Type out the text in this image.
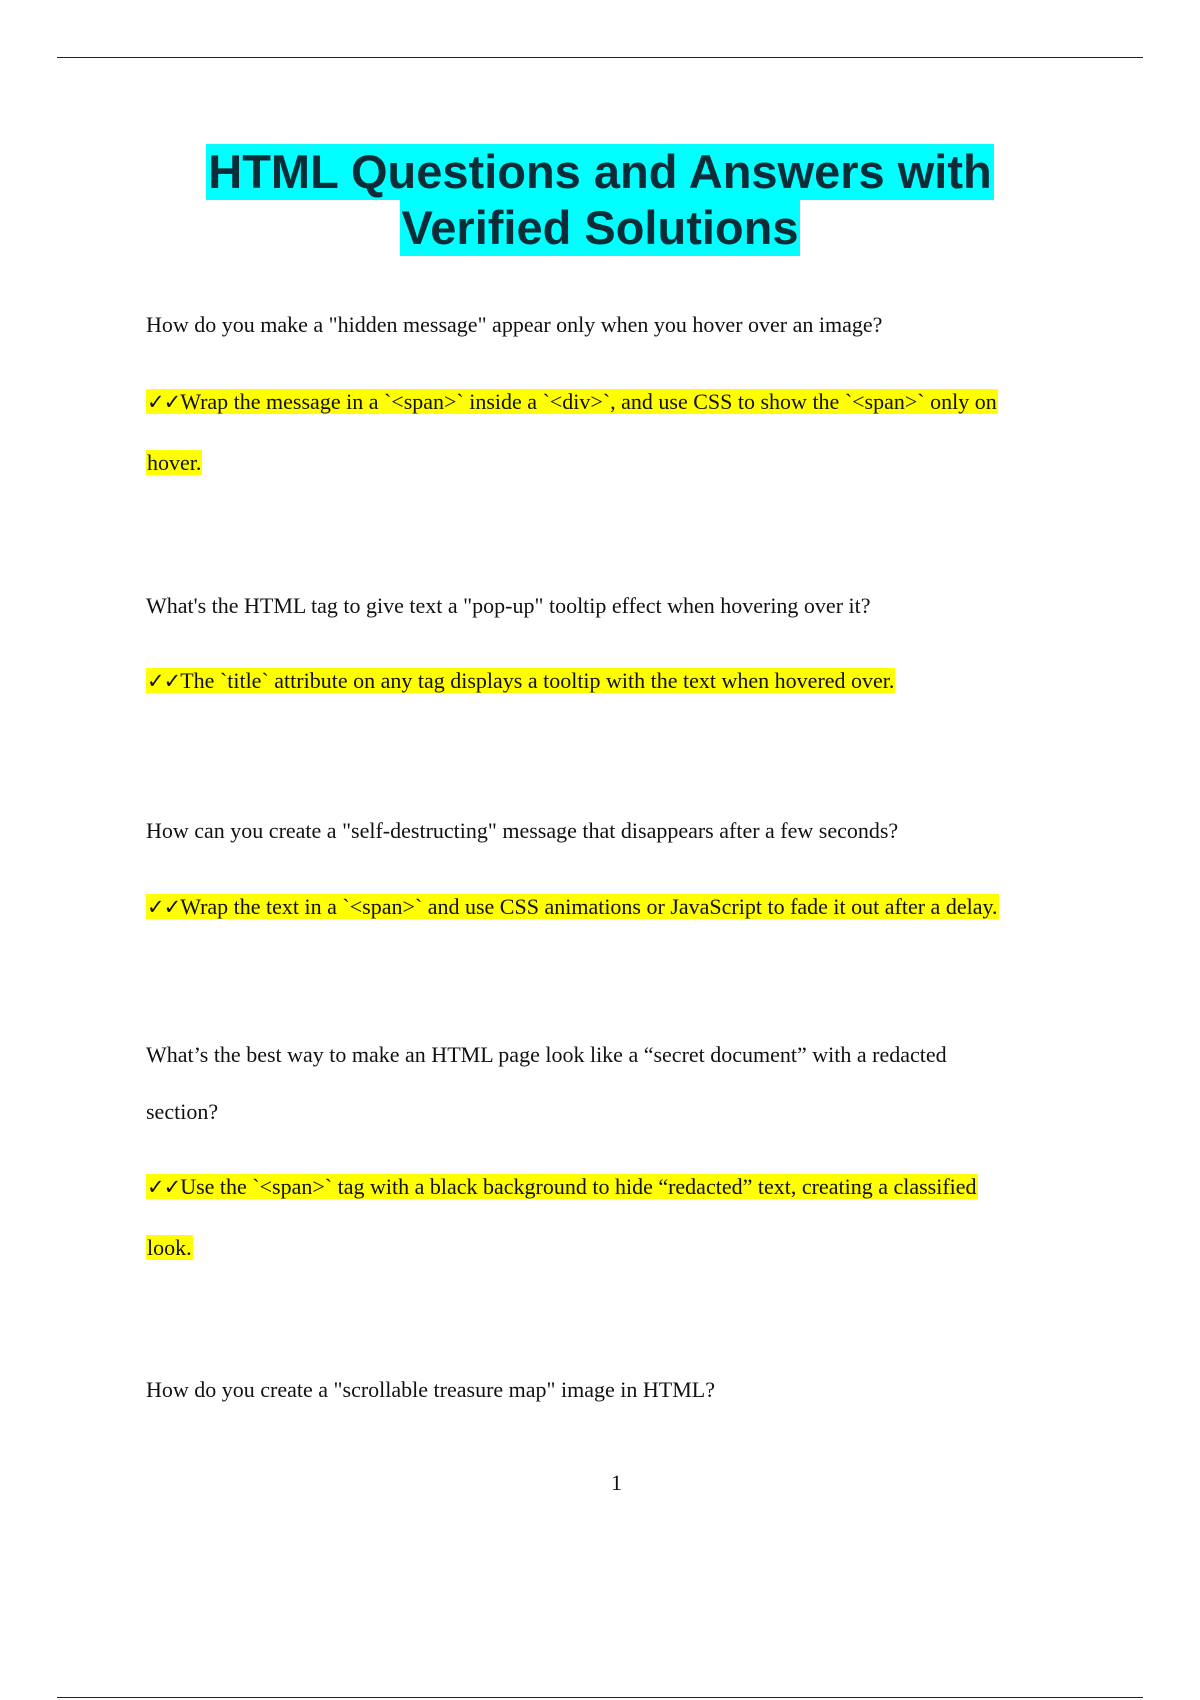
HTML Questions and Answers with
Verified Solutions

How do you make a "hidden message" appear only when you hover over an image?

✓✓Wrap the message in a `<span>` inside a `<div>`, and use CSS to show the `<span>` only on

hover.

What's the HTML tag to give text a "pop-up" tooltip effect when hovering over it?

✓✓The `title` attribute on any tag displays a tooltip with the text when hovered over.

How can you create a "self-destructing" message that disappears after a few seconds?

✓✓Wrap the text in a `<span>` and use CSS animations or JavaScript to fade it out after a delay.

What’s the best way to make an HTML page look like a “secret document” with a redacted

section?

✓✓Use the `<span>` tag with a black background to hide “redacted” text, creating a classified

look.

How do you create a "scrollable treasure map" image in HTML?

1
